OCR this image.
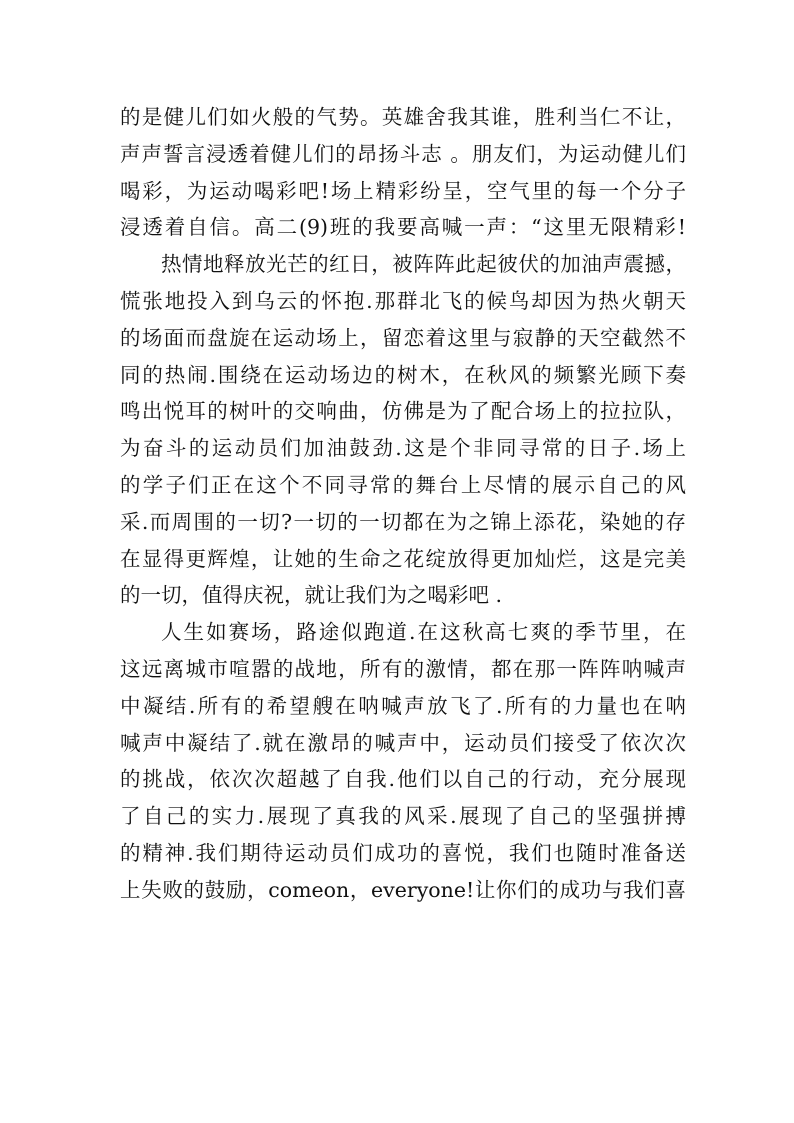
的是健儿们如火般的气势。英雄舍我其谁，胜利当仁不让，
声声誓言浸透着健儿们的昂扬斗志 。朋友们，为运动健儿们
喝彩，为运动喝彩吧!场上精彩纷呈，空气里的每一个分子
浸透着自信。高二(9)班的我要高喊一声：“这里无限精彩!
热情地释放光芒的红日，被阵阵此起彼伏的加油声震撼，
慌张地投入到乌云的怀抱.那群北飞的候鸟却因为热火朝天
的场面而盘旋在运动场上，留恋着这里与寂静的天空截然不
同的热闹.围绕在运动场边的树木，在秋风的频繁光顾下奏
鸣出悦耳的树叶的交响曲，仿佛是为了配合场上的拉拉队，
为奋斗的运动员们加油鼓劲.这是个非同寻常的日子.场上
的学子们正在这个不同寻常的舞台上尽情的展示自己的风
采.而周围的一切?一切的一切都在为之锦上添花，染她的存
在显得更辉煌，让她的生命之花绽放得更加灿烂，这是完美
的一切，值得庆祝，就让我们为之喝彩吧 .
人生如赛场，路途似跑道.在这秋高七爽的季节里，在
这远离城市喧嚣的战地，所有的激情，都在那一阵阵呐喊声
中凝结.所有的希望艘在呐喊声放飞了.所有的力量也在呐
喊声中凝结了.就在激昂的喊声中，运动员们接受了依次次
的挑战，依次次超越了自我.他们以自己的行动，充分展现
了自己的实力.展现了真我的风采.展现了自己的坚强拼搏
的精神.我们期待运动员们成功的喜悦，我们也随时准备送
上失败的鼓励，comeon，everyone!让你们的成功与我们喜
